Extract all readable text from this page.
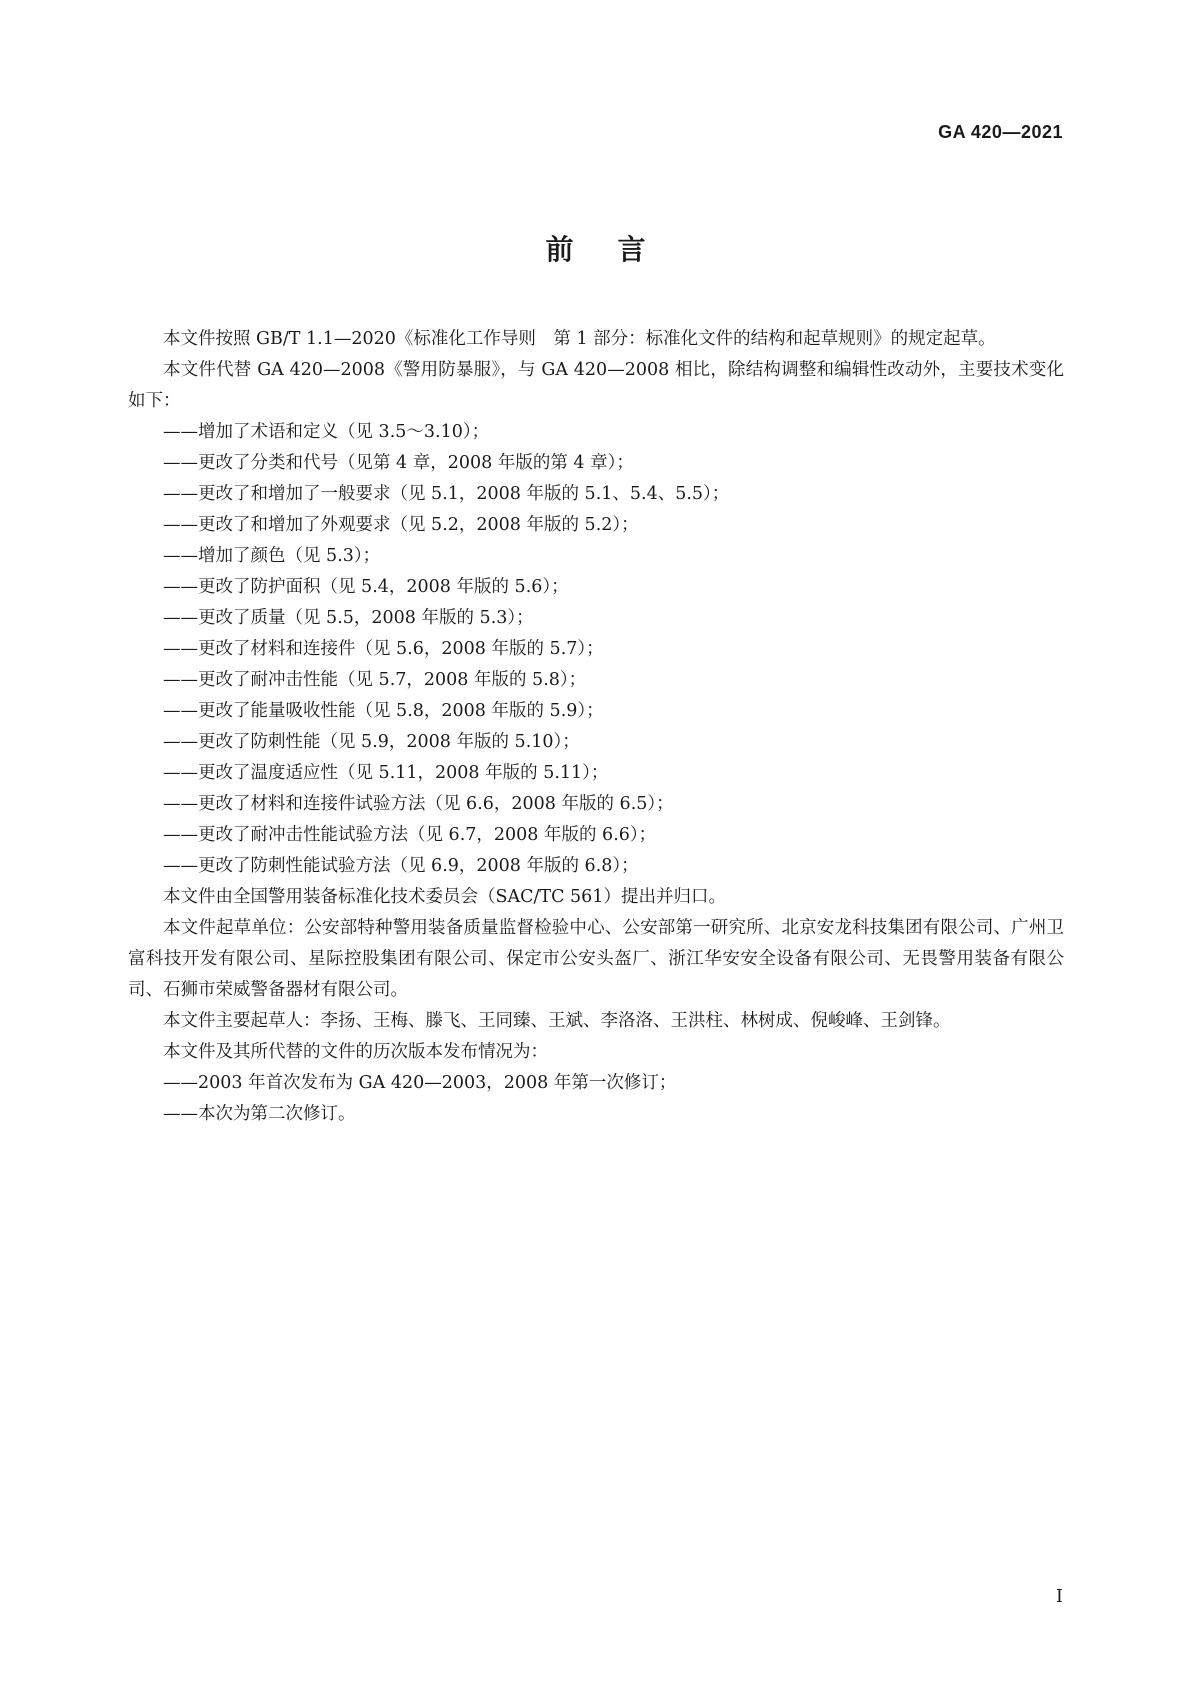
GA 420—2021
前言

本文件按照 GB/T 1.1—2020《标准化工作导则　第 1 部分：标准化文件的结构和起草规则》的规定起草。

本文件代替 GA 420—2008《警用防暴服》，与 GA 420—2008 相比，除结构调整和编辑性改动外，主要技术变化如下：

——增加了术语和定义（见 3.5～3.10）；

——更改了分类和代号（见第 4 章，2008 年版的第 4 章）；

——更改了和增加了一般要求（见 5.1，2008 年版的 5.1、5.4、5.5）；

——更改了和增加了外观要求（见 5.2，2008 年版的 5.2）；

——增加了颜色（见 5.3）；

——更改了防护面积（见 5.4，2008 年版的 5.6）；

——更改了质量（见 5.5，2008 年版的 5.3）；

——更改了材料和连接件（见 5.6，2008 年版的 5.7）；

——更改了耐冲击性能（见 5.7，2008 年版的 5.8）；

——更改了能量吸收性能（见 5.8，2008 年版的 5.9）；

——更改了防刺性能（见 5.9，2008 年版的 5.10）；

——更改了温度适应性（见 5.11，2008 年版的 5.11）；

——更改了材料和连接件试验方法（见 6.6，2008 年版的 6.5）；

——更改了耐冲击性能试验方法（见 6.7，2008 年版的 6.6）；

——更改了防刺性能试验方法（见 6.9，2008 年版的 6.8）；

本文件由全国警用装备标准化技术委员会（SAC/TC 561）提出并归口。

本文件起草单位：公安部特种警用装备质量监督检验中心、公安部第一研究所、北京安龙科技集团有限公司、广州卫富科技开发有限公司、星际控股集团有限公司、保定市公安头盔厂、浙江华安安全设备有限公司、无畏警用装备有限公司、石狮市荣威警备器材有限公司。

本文件主要起草人：李扬、王梅、滕飞、王同臻、王斌、李洛洛、王洪柱、林树成、倪峻峰、王剑锋。

本文件及其所代替的文件的历次版本发布情况为：

——2003 年首次发布为 GA 420—2003，2008 年第一次修订；

——本次为第二次修订。

I
